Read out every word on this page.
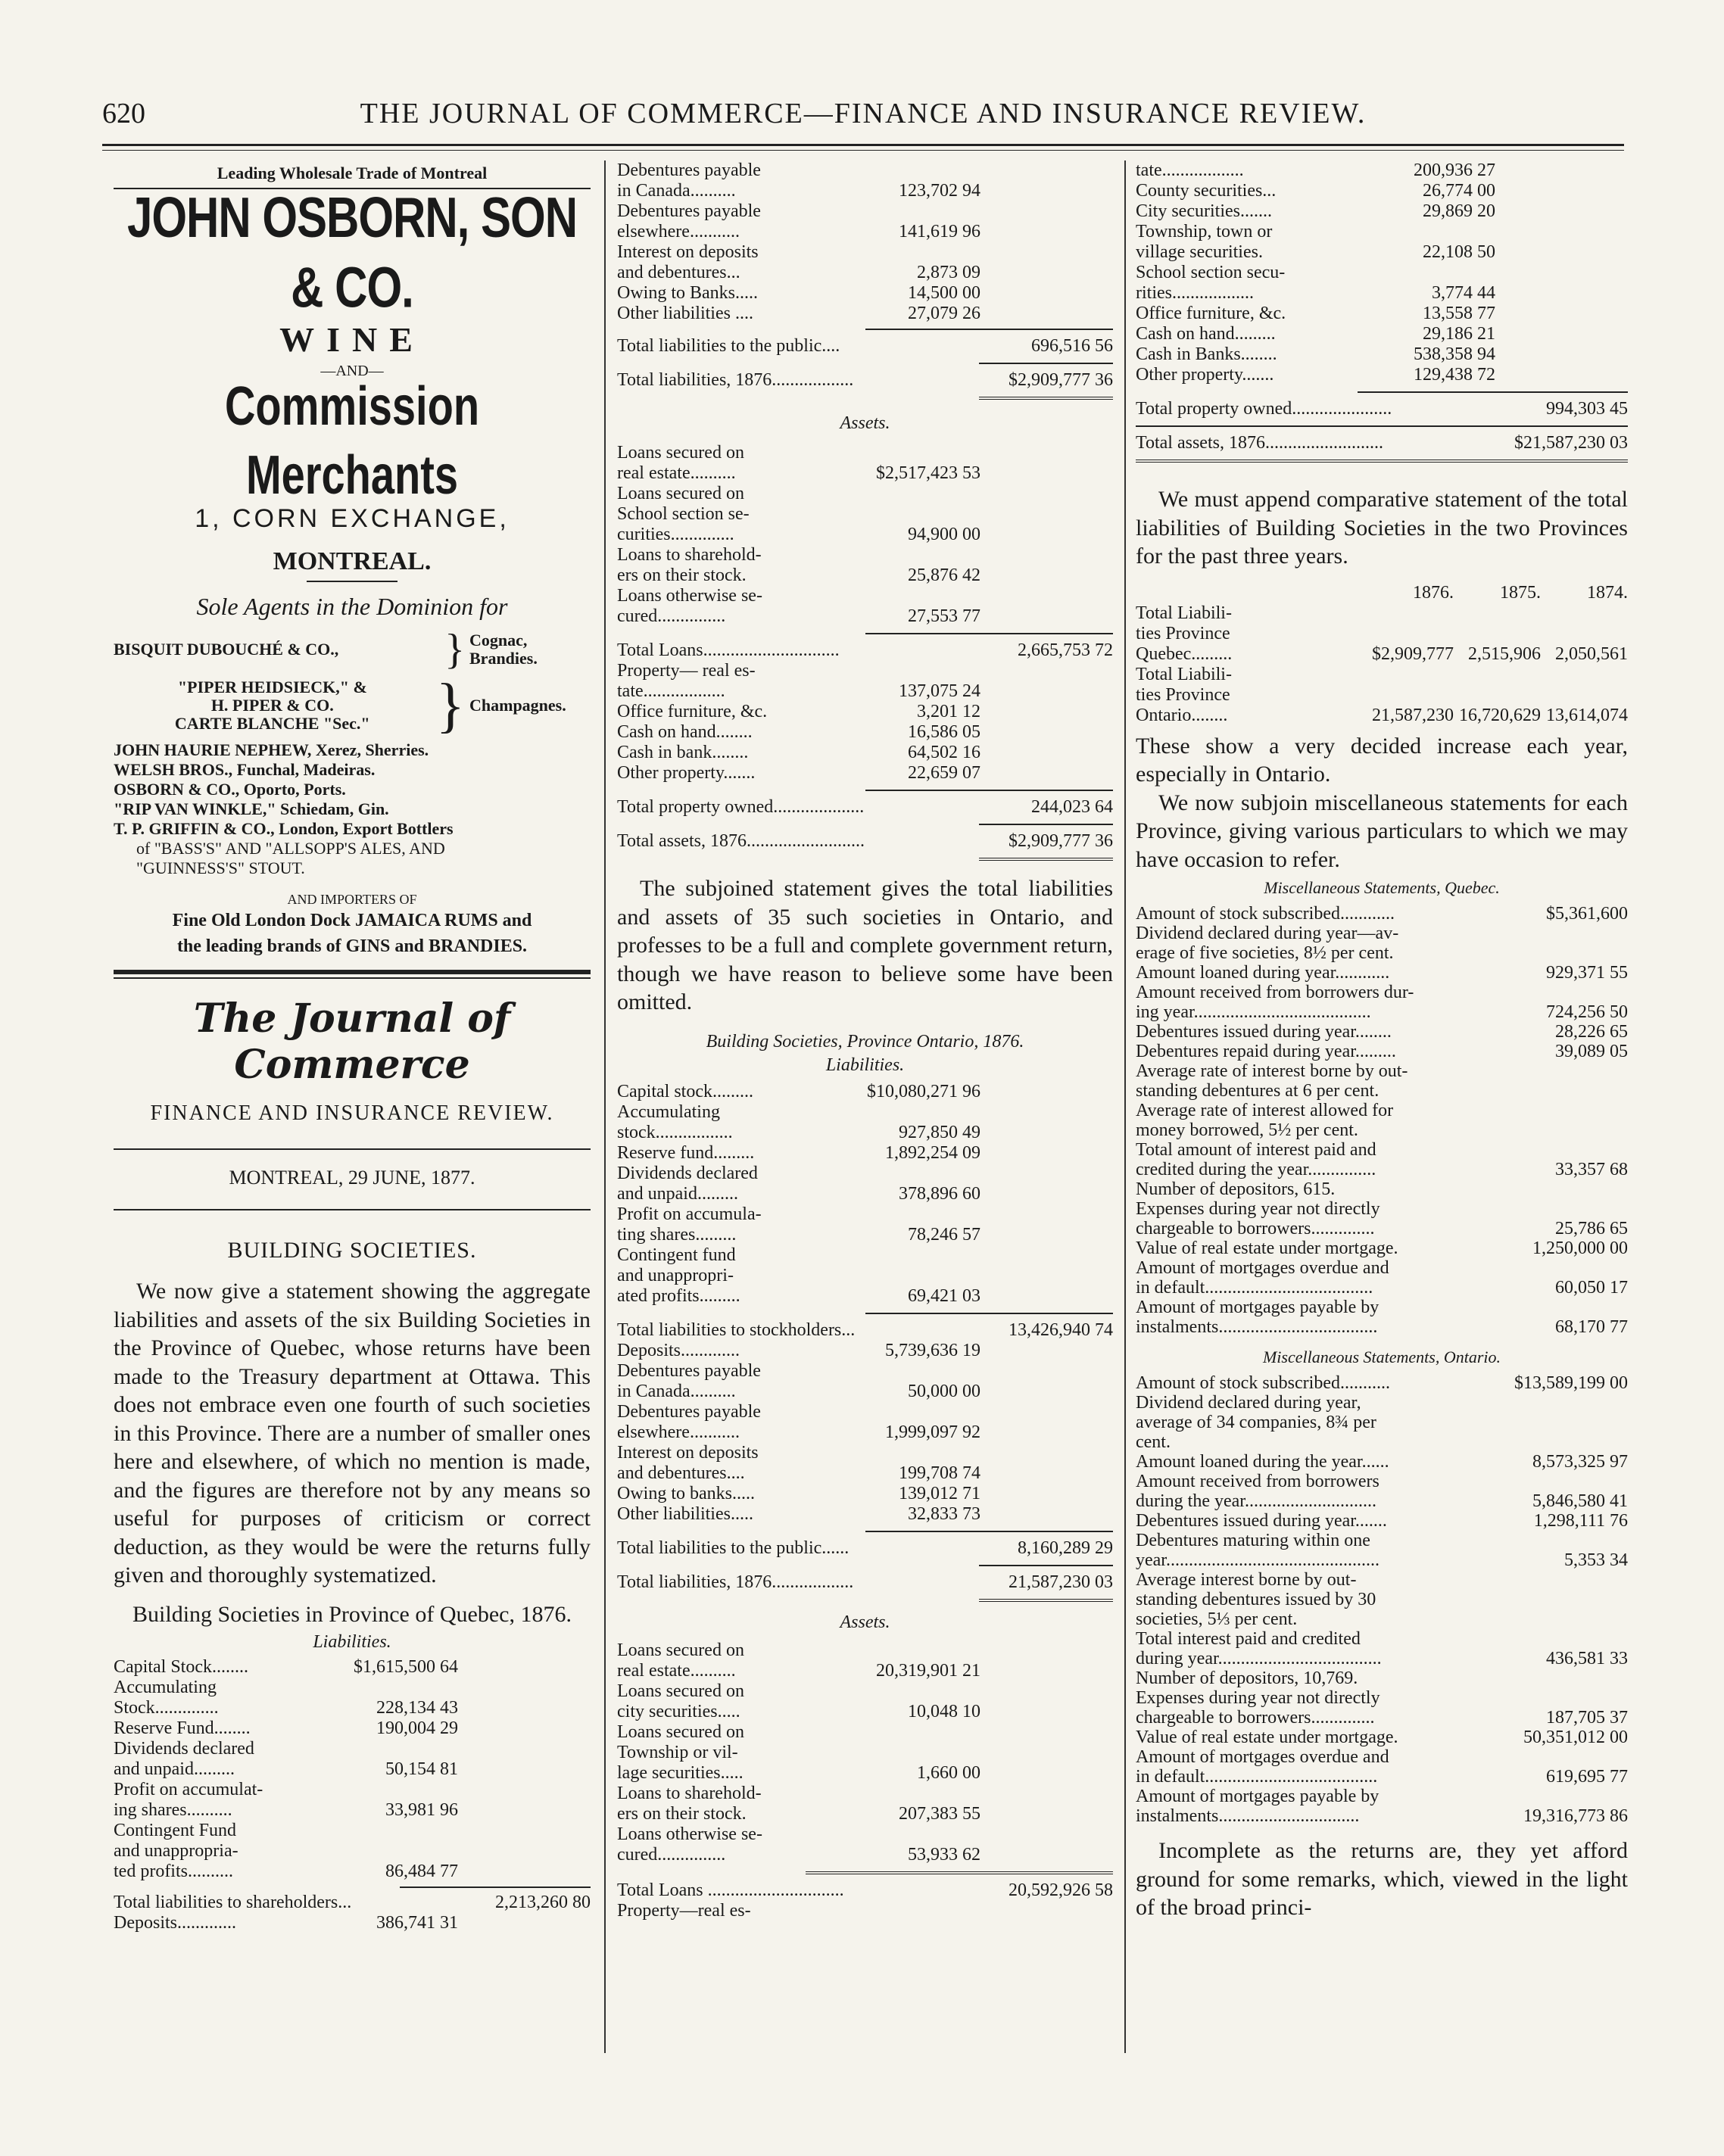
620	THE JOURNAL OF COMMERCE—FINANCE AND INSURANCE REVIEW.
Leading Wholesale Trade of Montreal
JOHN OSBORN, SON & CO.
WINE
—AND—
Commission Merchants
1, CORN EXCHANGE,
MONTREAL.
Sole Agents in the Dominion for
BISQUIT DUBOUCHÉ & CO.,	} Cognac,
Brandies.
"PIPER HEIDSIECK," &
H. PIPER & CO.
CARTE BLANCHE "Sec."	} Champagnes.
JOHN HAURIE NEPHEW, Xerez, Sherries.
WELSH BROS., Funchal, Madeiras.
OSBORN & CO., Oporto, Ports.
"RIP VAN WINKLE," Schiedam, Gin.
T. P. GRIFFIN & CO., London, Export Bottlers
of "BASS'S" AND "ALLSOPP'S ALES, AND
"GUINNESS'S" STOUT.
AND IMPORTERS OF
Fine Old London Dock JAMAICA RUMS and
the leading brands of GINS and BRANDIES.
The Journal of Commerce
FINANCE AND INSURANCE REVIEW.
MONTREAL, 29 JUNE, 1877.
BUILDING SOCIETIES.

We now give a statement showing the aggregate liabilities and assets of the six Building Societies in the Province of Quebec, whose returns have been made to the Treasury department at Ottawa. This does not embrace even one fourth of such societies in this Province. There are a number of smaller ones here and elsewhere, of which no mention is made, and the figures are therefore not by any means so useful for purposes of criticism or correct deduction, as they would be were the returns fully given and thoroughly systematized.

Building Societies in Province of Quebec, 1876.
Liabilities.
Capital Stock........	$1,615,500 64
Accumulating
Stock..............	228,134 43
Reserve Fund........	190,004 29
Dividends declared
and unpaid.........	50,154 81
Profit on accumulat-
ing shares..........	33,981 96
Contingent Fund
and unappropria-
ted profits..........	86,484 77
Total liabilities to shareholders...	2,213,260 80
Deposits.............	386,741 31
Debentures payable
in Canada..........	123,702 94
Debentures payable
elsewhere...........	141,619 96
Interest on deposits
and debentures...	2,873 09
Owing to Banks.....	14,500 00
Other liabilities ....	27,079 26
Total liabilities to the public....	696,516 56
Total liabilities, 1876..................	$2,909,777 36
Assets.
Loans secured on
real estate..........	$2,517,423 53
Loans secured on
School section se-
curities..............	94,900 00
Loans to sharehold-
ers on their stock.	25,876 42
Loans otherwise se-
cured...............	27,553 77
Total Loans..............................	2,665,753 72
Property— real es-
tate..................	137,075 24
Office furniture, &c.	3,201 12
Cash on hand........	16,586 05
Cash in bank........	64,502 16
Other property.......	22,659 07
Total property owned....................	244,023 64
Total assets, 1876..........................	$2,909,777 36

The subjoined statement gives the total liabilities and assets of 35 such societies in Ontario, and professes to be a full and complete government return, though we have reason to believe some have been omitted.

Building Societies, Province Ontario, 1876.
Liabilities.
Capital stock.........	$10,080,271 96
Accumulating
stock.................	927,850 49
Reserve fund.........	1,892,254 09
Dividends declared
and unpaid.........	378,896 60
Profit on accumula-
ting shares.........	78,246 57
Contingent fund
and unappropri-
ated profits.........	69,421 03
Total liabilities to stockholders...	13,426,940 74
Deposits.............	5,739,636 19
Debentures payable
in Canada..........	50,000 00
Debentures payable
elsewhere...........	1,999,097 92
Interest on deposits
and debentures....	199,708 74
Owing to banks.....	139,012 71
Other liabilities.....	32,833 73
Total liabilities to the public......	8,160,289 29
Total liabilities, 1876..................	21,587,230 03
Assets.
Loans secured on
real estate..........	20,319,901 21
Loans secured on
city securities.....	10,048 10
Loans secured on
Township or vil-
lage securities.....	1,660 00
Loans to sharehold-
ers on their stock.	207,383 55
Loans otherwise se-
cured...............	53,933 62
Total Loans ..............................	20,592,926 58
Property—real es-
tate..................	200,936 27
County securities...	26,774 00
City securities.......	29,869 20
Township, town or
village securities.	22,108 50
School section secu-
rities..................	3,774 44
Office furniture, &c.	13,558 77
Cash on hand.........	29,186 21
Cash in Banks........	538,358 94
Other property.......	129,438 72
Total property owned......................	994,303 45
Total assets, 1876..........................	$21,587,230 03

We must append comparative statement of the total liabilities of Building Societies in the two Provinces for the past three years.

1876.	1875.	1874.
Total Liabili-
ties Province
Quebec.........	$2,909,777 2,515,906 2,050,561
Total Liabili-
ties Province
Ontario........	21,587,230 16,720,629 13,614,074

These show a very decided increase each year, especially in Ontario.

We now subjoin miscellaneous statements for each Province, giving various particulars to which we may have occasion to refer.

Miscellaneous Statements, Quebec.
Amount of stock subscribed............	$5,361,600
Dividend declared during year—av-
erage of five societies, 8½ per cent.
Amount loaned during year............	929,371 55
Amount received from borrowers dur-
ing year.......................................	724,256 50
Debentures issued during year........	28,226 65
Debentures repaid during year.........	39,089 05
Average rate of interest borne by out-
standing debentures at 6 per cent.
Average rate of interest allowed for
money borrowed, 5½ per cent.
Total amount of interest paid and
credited during the year...............	33,357 68
Number of depositors, 615.
Expenses during year not directly
chargeable to borrowers..............	25,786 65
Value of real estate under mortgage.	1,250,000 00
Amount of mortgages overdue and
in default.....................................	60,050 17
Amount of mortgages payable by
instalments...................................	68,170 77
Miscellaneous Statements, Ontario.
Amount of stock subscribed...........	$13,589,199 00
Dividend declared during year,
average of 34 companies, 8¾ per
cent.
Amount loaned during the year......	8,573,325 97
Amount received from borrowers
during the year.............................	5,846,580 41
Debentures issued during year.......	1,298,111 76
Debentures maturing within one
year...............................................	5,353 34
Average interest borne by out-
standing debentures issued by 30
societies, 5⅓ per cent.
Total interest paid and credited
during year....................................	436,581 33
Number of depositors, 10,769.
Expenses during year not directly
chargeable to borrowers..............	187,705 37
Value of real estate under mortgage.	50,351,012 00
Amount of mortgages overdue and
in default......................................	619,695 77
Amount of mortgages payable by
instalments...............................	19,316,773 86

Incomplete as the returns are, they yet afford ground for some remarks, which, viewed in the light of the broad princi-
